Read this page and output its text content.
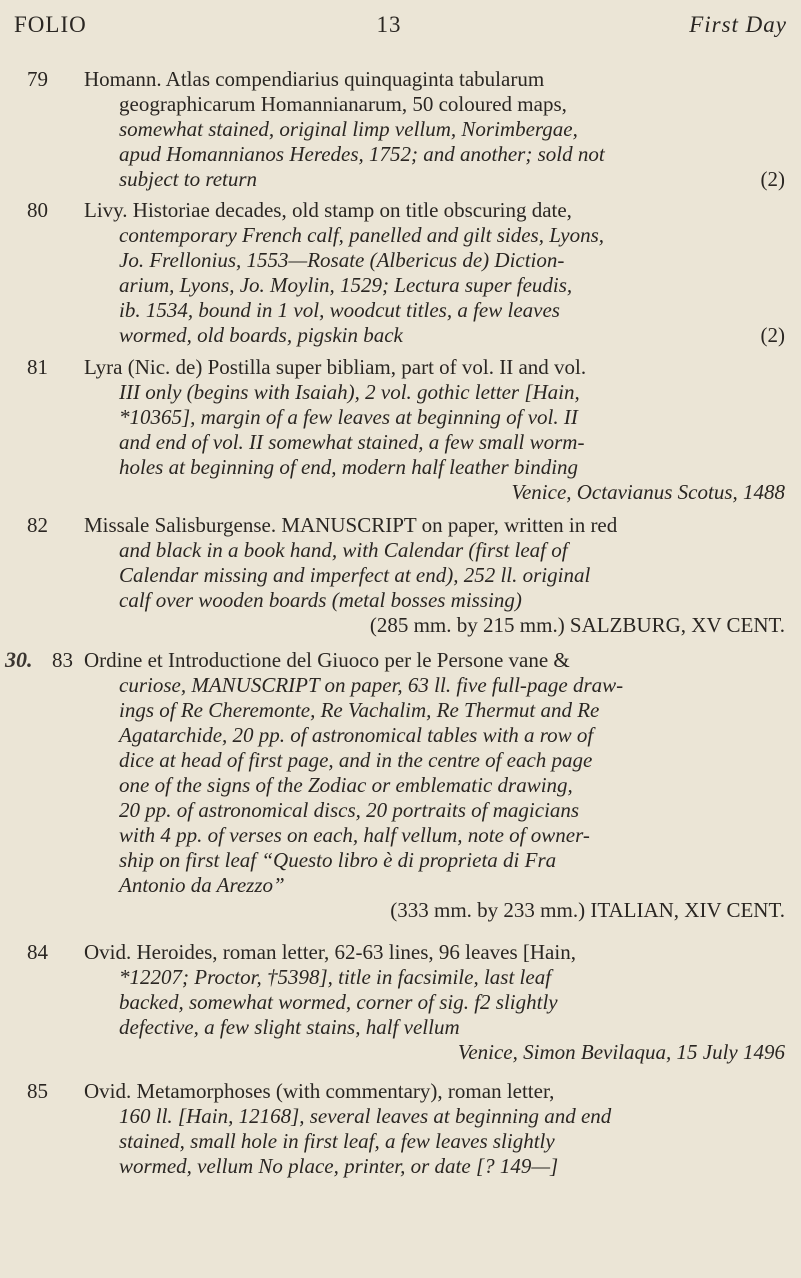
FOLIO	13	First Day
79	Homann. Atlas compendiarius quinquaginta tabularum
geographicarum Homannianarum, 50 coloured maps,
somewhat stained, original limp vellum, Norimbergae,
apud Homannianos Heredes, 1752; and another; sold not
subject to return	(2)
80	Livy. Historiae decades, old stamp on title obscuring date,
contemporary French calf, panelled and gilt sides, Lyons,
Jo. Frellonius, 1553—Rosate (Albericus de) Diction-
arium, Lyons, Jo. Moylin, 1529; Lectura super feudis,
ib. 1534, bound in 1 vol, woodcut titles, a few leaves
wormed, old boards, pigskin back	(2)
81	Lyra (Nic. de) Postilla super bibliam, part of vol. II and vol.
III only (begins with Isaiah), 2 vol. gothic letter [Hain,
*10365], margin of a few leaves at beginning of vol. II
and end of vol. II somewhat stained, a few small worm-
holes at beginning of end, modern half leather binding
Venice, Octavianus Scotus, 1488
82	Missale Salisburgense. MANUSCRIPT on paper, written in red
and black in a book hand, with Calendar (first leaf of
Calendar missing and imperfect at end), 252 ll. original
calf over wooden boards (metal bosses missing)
(285 mm. by 215 mm.) SALZBURG, XV CENT.
30. 83 Ordine et Introductione del Giuoco per le Persone vane &
curiose, MANUSCRIPT on paper, 63 ll. five full-page draw-
ings of Re Cheremonte, Re Vachalim, Re Thermut and Re
Agatarchide, 20 pp. of astronomical tables with a row of
dice at head of first page, and in the centre of each page
one of the signs of the Zodiac or emblematic drawing,
20 pp. of astronomical discs, 20 portraits of magicians
with 4 pp. of verses on each, half vellum, note of owner-
ship on first leaf “Questo libro è di proprieta di Fra
Antonio da Arezzo”
(333 mm. by 233 mm.) ITALIAN, XIV CENT.
84	Ovid. Heroides, roman letter, 62-63 lines, 96 leaves [Hain,
*12207; Proctor, †5398], title in facsimile, last leaf
backed, somewhat wormed, corner of sig. f2 slightly
defective, a few slight stains, half vellum
Venice, Simon Bevilaqua, 15 July 1496
85	Ovid. Metamorphoses (with commentary), roman letter,
160 ll. [Hain, 12168], several leaves at beginning and end
stained, small hole in first leaf, a few leaves slightly
wormed, vellum No place, printer, or date [? 149—]
